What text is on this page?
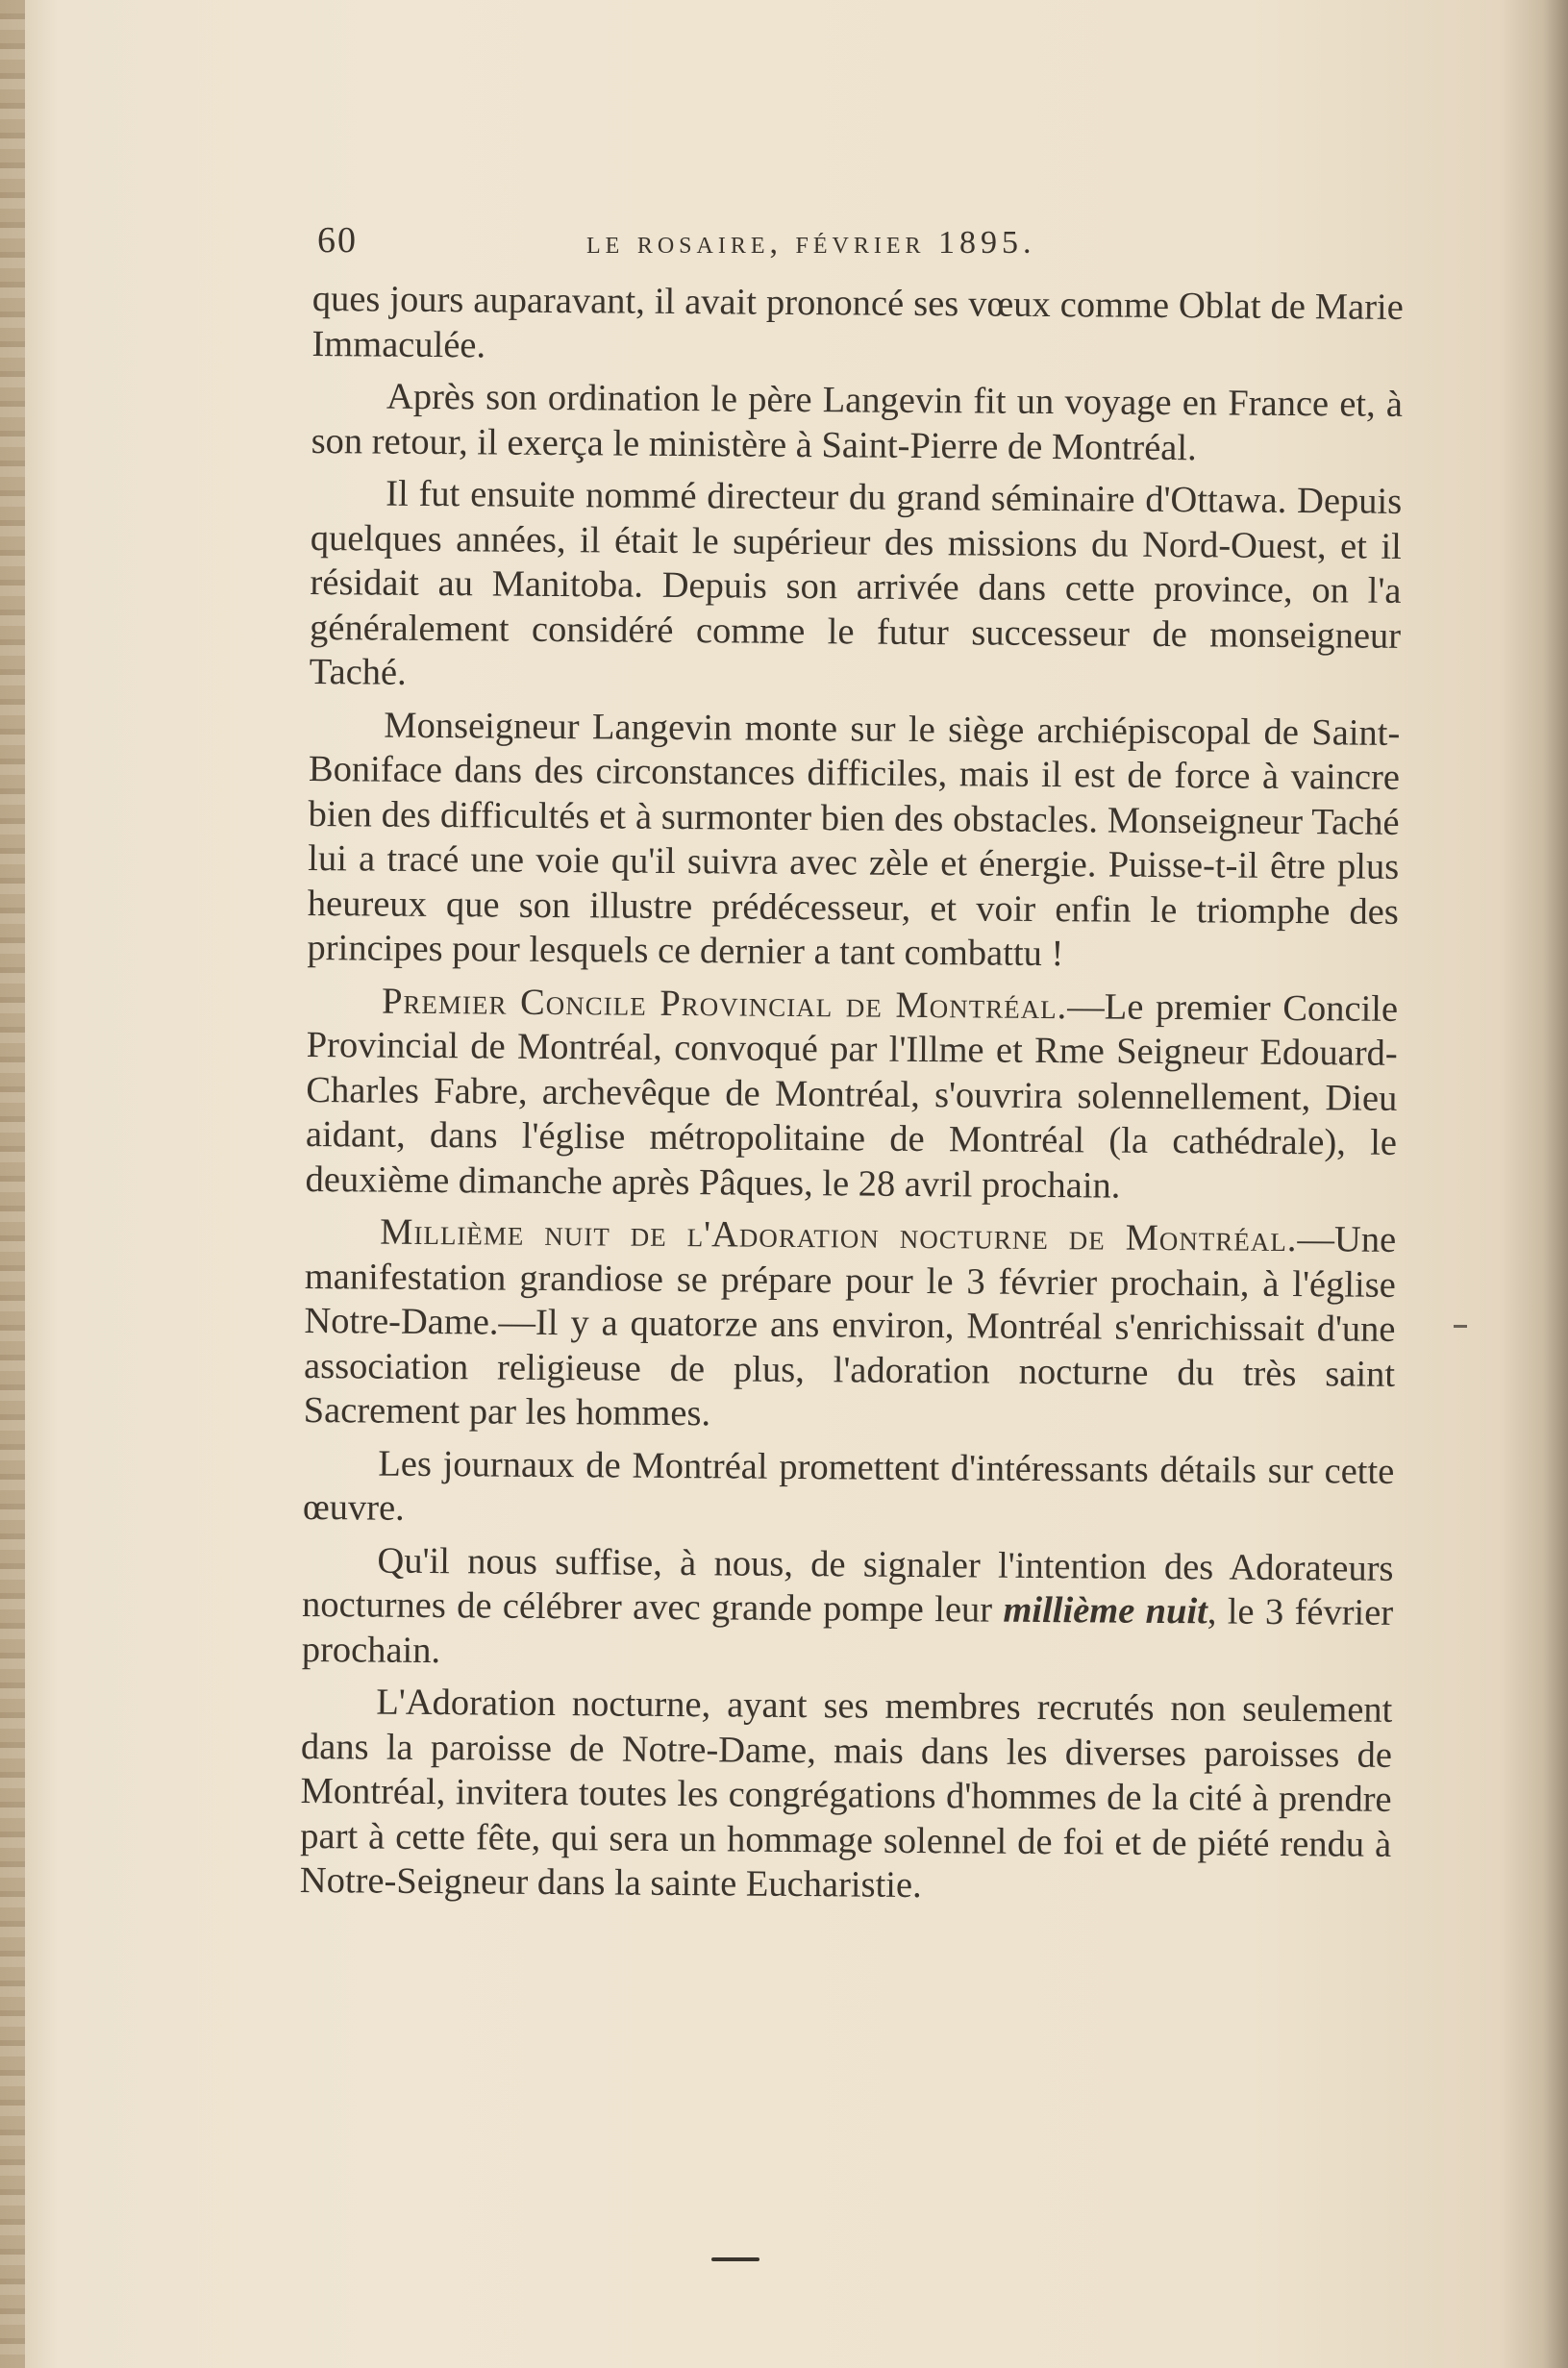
60	le rosaire, février 1895.

ques jours auparavant, il avait prononcé ses vœux comme Oblat de Marie Immaculée.

Après son ordination le père Langevin fit un voyage en France et, à son retour, il exerça le ministère à Saint-Pierre de Montréal.

Il fut ensuite nommé directeur du grand séminaire d'Ottawa. Depuis quelques années, il était le supérieur des missions du Nord-Ouest, et il résidait au Manitoba. Depuis son arrivée dans cette province, on l'a généralement considéré comme le futur successeur de monseigneur Taché.

Monseigneur Langevin monte sur le siège archiépiscopal de Saint-Boniface dans des circonstances difficiles, mais il est de force à vaincre bien des difficultés et à surmonter bien des obstacles. Monseigneur Taché lui a tracé une voie qu'il suivra avec zèle et énergie. Puisse-t-il être plus heureux que son illustre prédécesseur, et voir enfin le triomphe des principes pour lesquels ce dernier a tant combattu !

Premier Concile Provincial de Montréal.—Le premier Concile Provincial de Montréal, convoqué par l'Illme et Rme Seigneur Edouard-Charles Fabre, archevêque de Montréal, s'ouvrira solennellement, Dieu aidant, dans l'église métropolitaine de Montréal (la cathédrale), le deuxième dimanche après Pâques, le 28 avril prochain.

Millième nuit de l'Adoration nocturne de Montréal.—Une manifestation grandiose se prépare pour le 3 février prochain, à l'église Notre-Dame.—Il y a quatorze ans environ, Montréal s'enrichissait d'une association religieuse de plus, l'adoration nocturne du très saint Sacrement par les hommes.

Les journaux de Montréal promettent d'intéressants détails sur cette œuvre.

Qu'il nous suffise, à nous, de signaler l'intention des Adorateurs nocturnes de célébrer avec grande pompe leur millième nuit, le 3 février prochain.

L'Adoration nocturne, ayant ses membres recrutés non seulement dans la paroisse de Notre-Dame, mais dans les diverses paroisses de Montréal, invitera toutes les congrégations d'hommes de la cité à prendre part à cette fête, qui sera un hommage solennel de foi et de piété rendu à Notre-Seigneur dans la sainte Eucharistie.
